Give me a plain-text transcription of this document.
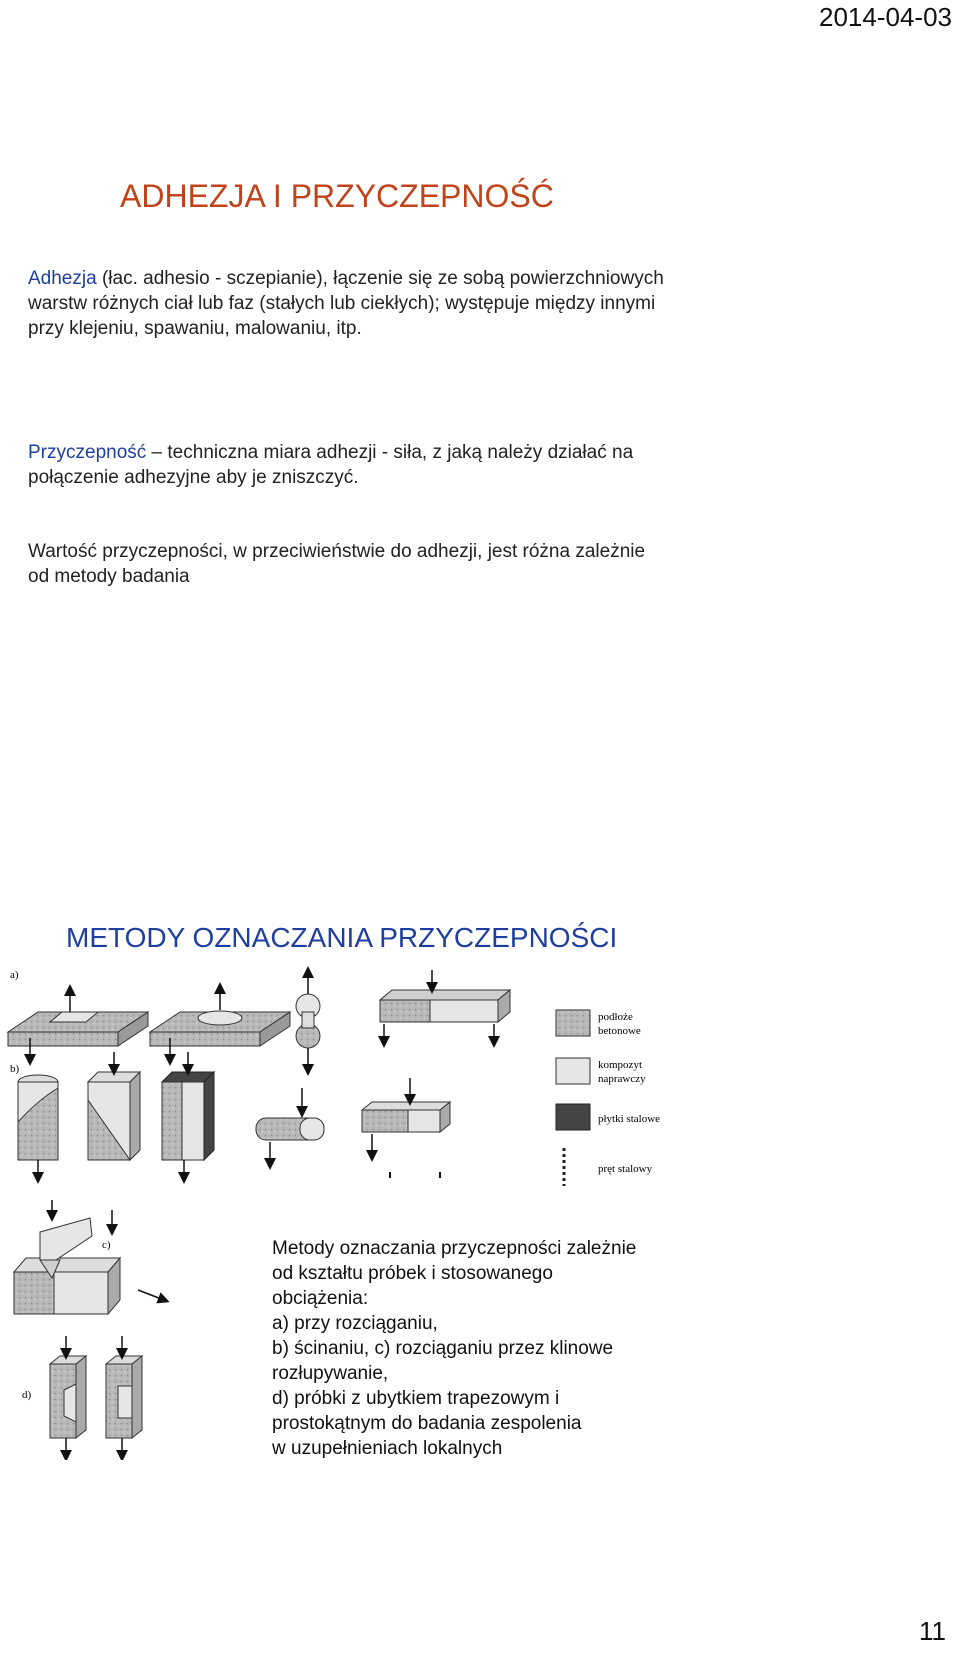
2014-04-03
ADHEZJA I PRZYCZEPNOŚĆ
Adhezja (łac. adhesio - sczepianie), łączenie się ze sobą powierzchniowych warstw różnych ciał lub faz (stałych lub ciekłych); występuje między innymi przy klejeniu, spawaniu, malowaniu, itp.
Przyczepność – techniczna miara adhezji - siła, z jaką należy działać na połączenie adhezyjne aby je zniszczyć.
Wartość przyczepności, w przeciwieństwie do adhezji, jest różna zależnie od metody badania
METODY OZNACZANIA PRZYCZEPNOŚCI
a)
b)
c)
d)
podłoże
betonowe
kompozyt
naprawczy
płytki stalowe
pręt stalowy
Metody oznaczania przyczepności zależnie
od kształtu próbek i stosowanego
obciążenia:
a) przy rozciąganiu,
b) ścinaniu, c) rozciąganiu przez klinowe
rozłupywanie,
d) próbki z ubytkiem trapezowym i
prostokątnym do badania zespolenia
w uzupełnieniach lokalnych
11
